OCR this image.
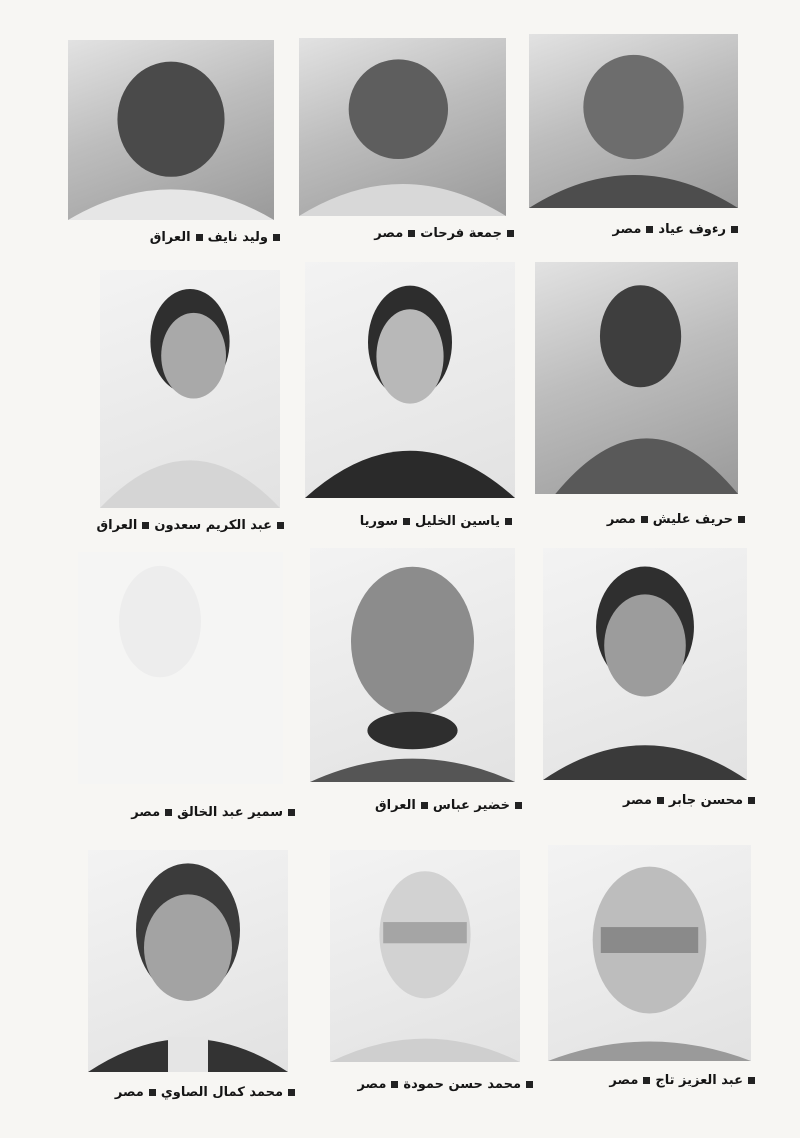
رءوف عياد
مصر
جمعة فرحات
مصر
وليد نايف
العراق
حريف عليش
مصر
ياسين الخليل
سوريا
عبد الكريم سعدون
العراق
محسن جابر
مصر
خضير عباس
العراق
سمير عبد الخالق
مصر
عبد العزيز تاج
مصر
محمد حسن حمودة
مصر
محمد كمال الصاوي
مصر
